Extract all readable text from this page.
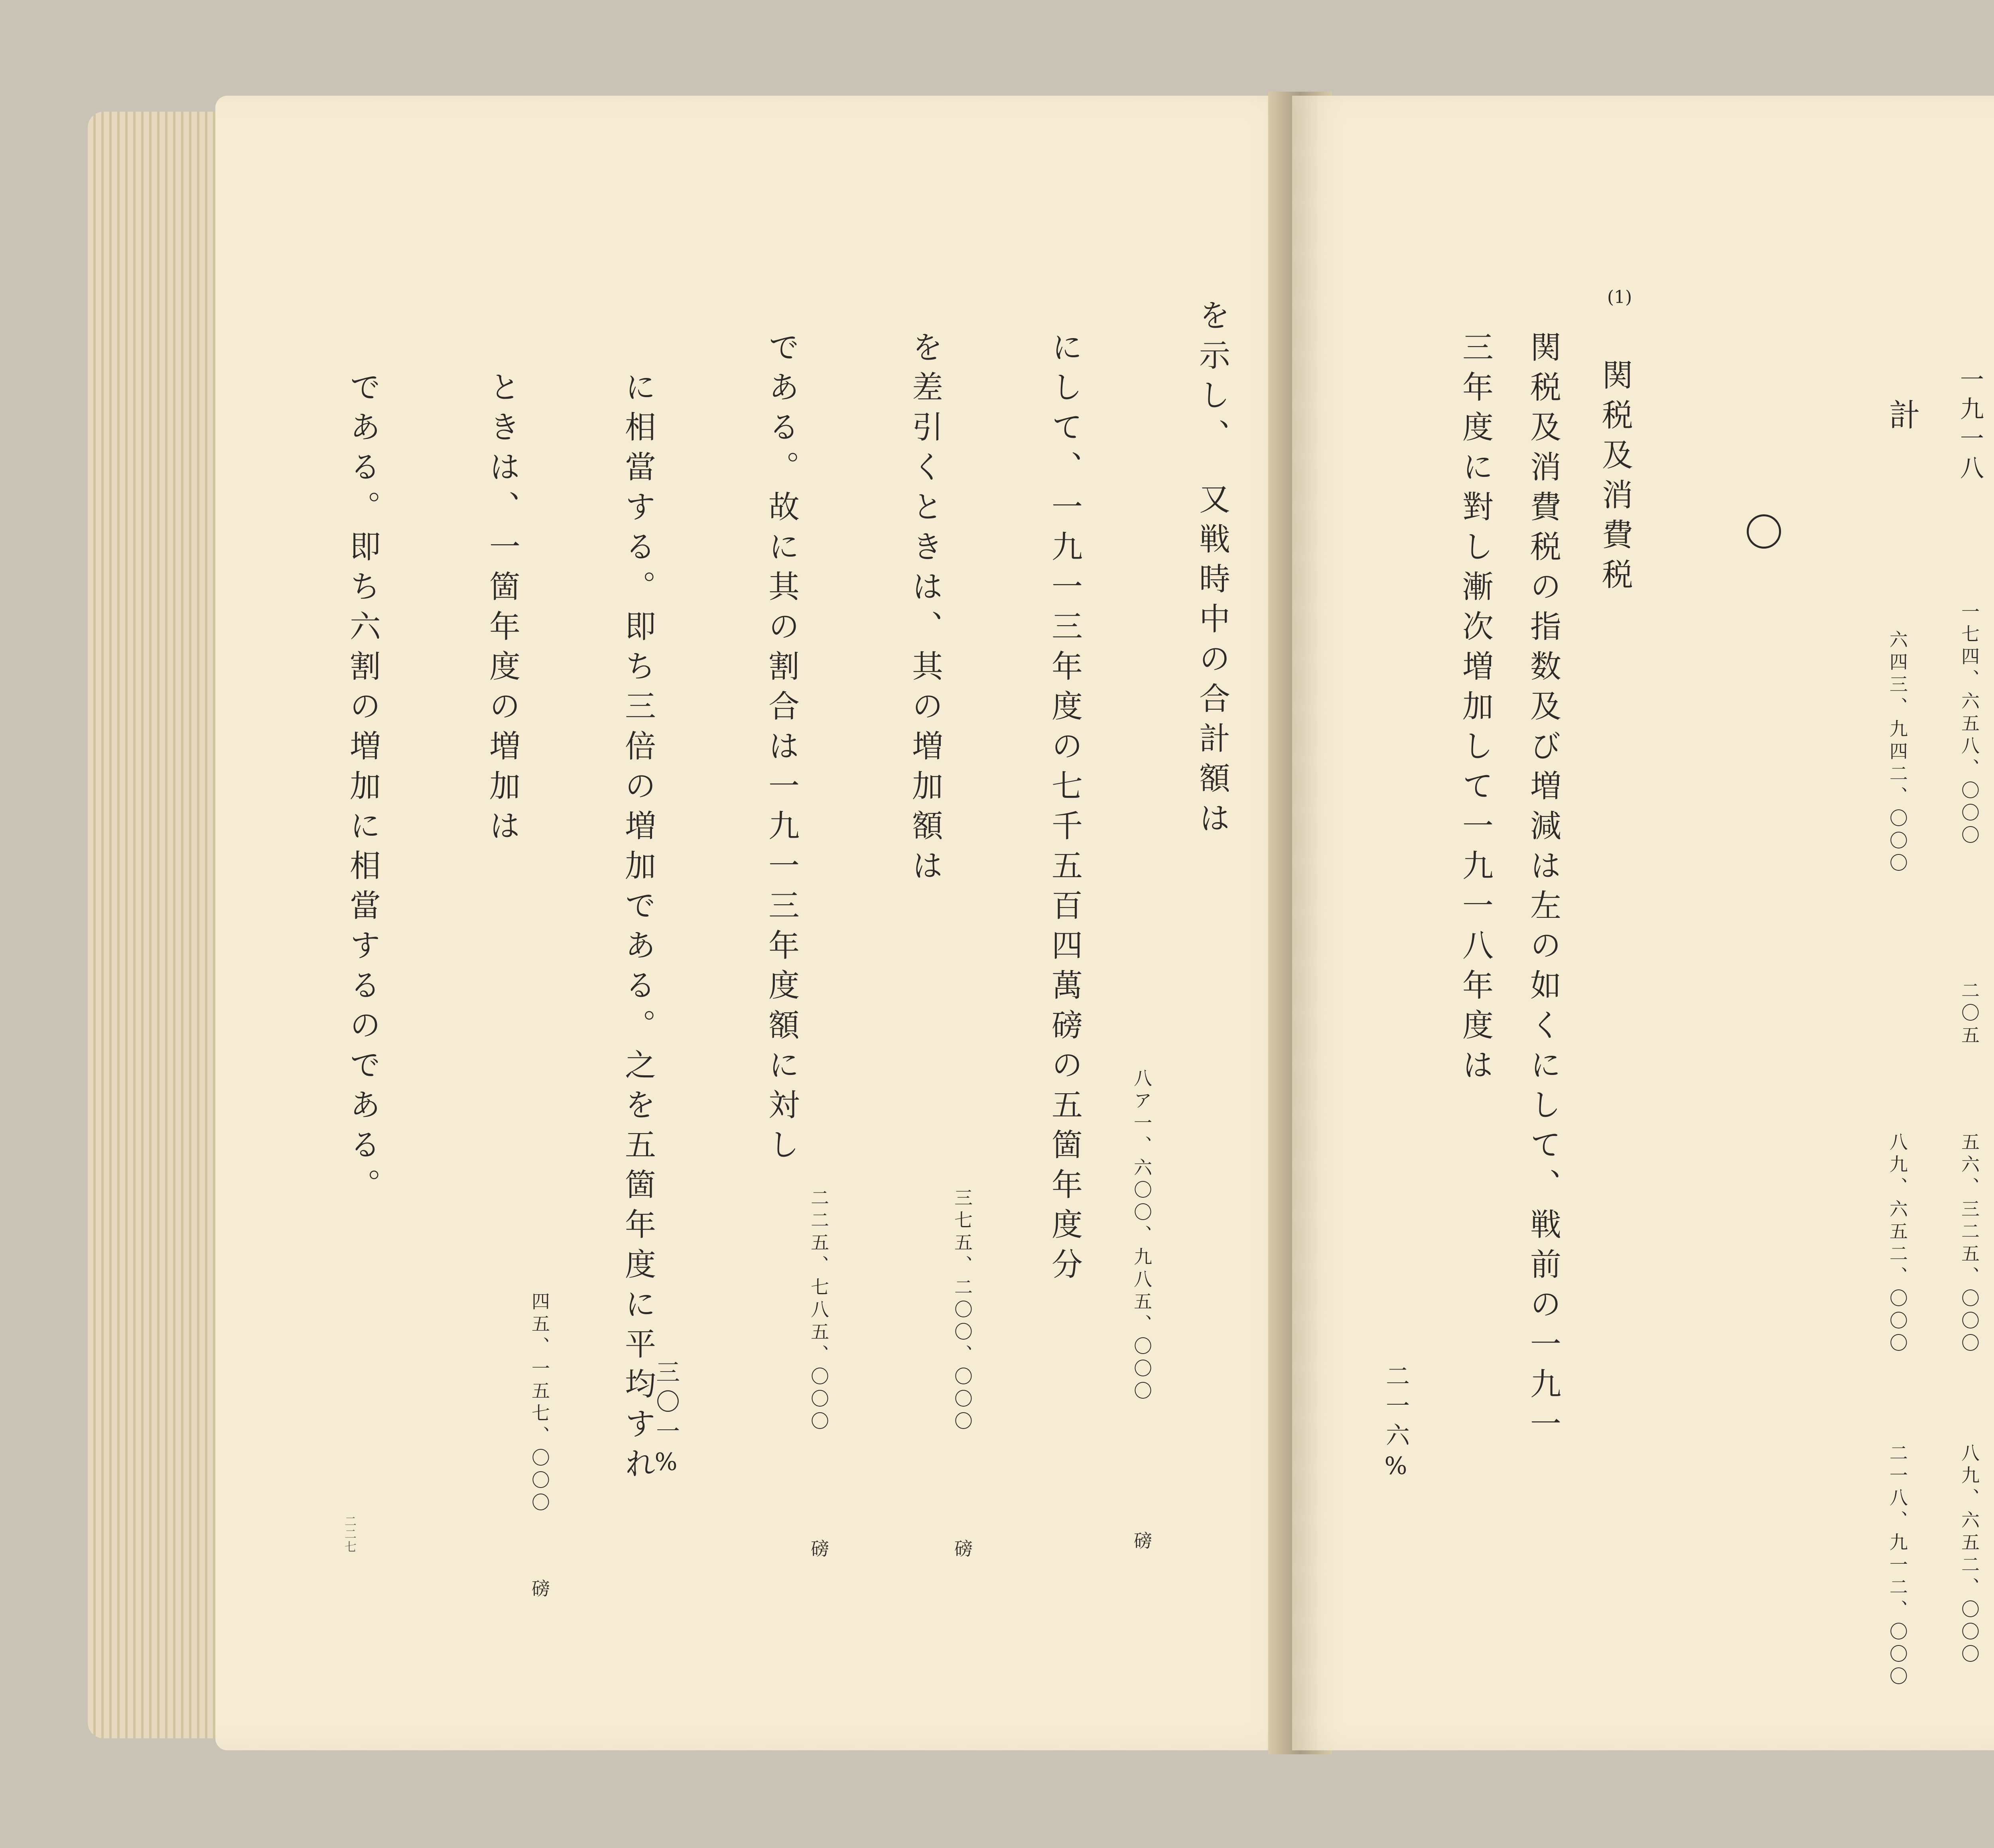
を示し、　又戦時中の合計額は
八ア一、六〇〇、九八五、〇〇〇
磅
にして、一九一三年度の七千五百四萬磅の五箇年度分
を差引くときは、其の増加額は
三七五、二〇〇、〇〇〇
磅
である。故に其の割合は一九一三年度額に対し
二二五、七八五、〇〇〇
磅
に相當する。即ち三倍の増加である。之を五箇年度に平均すれ
三〇一%
ときは、一箇年度の増加は
四五、一五七、〇〇〇
磅
である。即ち六割の増加に相當するのである。
二二七
一九一八
一七四、六五八、〇〇〇
二〇五
五六、三二五、〇〇〇
八九、六五二、〇〇〇
計
六四三、九四二、〇〇〇
八九、六五二、〇〇〇
二一八、九一二、〇〇〇
(1)
関税及消費税
関税及消費税の指数及び増減は左の如くにして、戦前の一九一
三年度に對し漸次増加して一九一八年度は
二一六%
